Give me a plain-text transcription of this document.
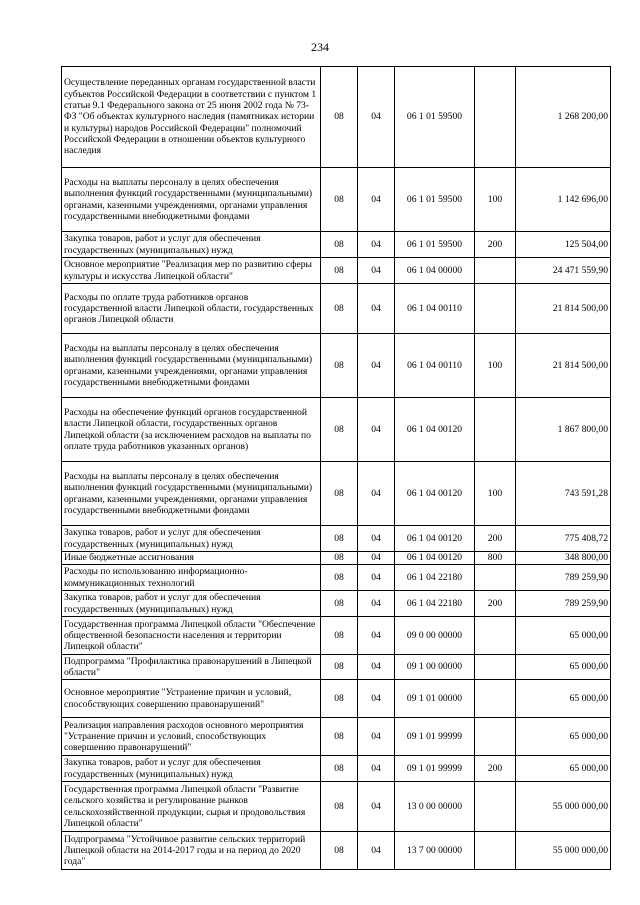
234
Осуществление переданных органам государственной власти субъектов Российской Федерации в соответствии с пунктом 1 статьи 9.1 Федерального закона от 25 июня 2002 года № 73-ФЗ "Об объектах культурного наследия (памятниках истории и культуры) народов Российской Федерации" полномочий Российской Федерации в отношении объектов культурного наследия	08	04	06 1 01 59500		1 268 200,00
Расходы на выплаты персоналу в целях обеспечения выполнения функций государственными (муниципальными) органами, казенными учреждениями, органами управления государственными внебюджетными фондами	08	04	06 1 01 59500	100	1 142 696,00
Закупка товаров, работ и услуг для обеспечения государственных (муниципальных) нужд	08	04	06 1 01 59500	200	125 504,00
Основное мероприятие "Реализация мер по развитию сферы культуры и искусства Липецкой области"	08	04	06 1 04 00000		24 471 559,90
Расходы по оплате труда работников органов государственной власти Липецкой области, государственных органов Липецкой области	08	04	06 1 04 00110		21 814 500,00
Расходы на выплаты персоналу в целях обеспечения выполнения функций государственными (муниципальными) органами, казенными учреждениями, органами управления государственными внебюджетными фондами	08	04	06 1 04 00110	100	21 814 500,00
Расходы на обеспечение функций органов государственной власти Липецкой области, государственных органов Липецкой области (за исключением расходов на выплаты по оплате труда работников указанных органов)	08	04	06 1 04 00120		1 867 800,00
Расходы на выплаты персоналу в целях обеспечения выполнения функций государственными (муниципальными) органами, казенными учреждениями, органами управления государственными внебюджетными фондами	08	04	06 1 04 00120	100	743 591,28
Закупка товаров, работ и услуг для обеспечения государственных (муниципальных) нужд	08	04	06 1 04 00120	200	775 408,72
Иные бюджетные ассигнования	08	04	06 1 04 00120	800	348 800,00
Расходы по использованию информационно-коммуникационных технологий	08	04	06 1 04 22180		789 259,90
Закупка товаров, работ и услуг для обеспечения государственных (муниципальных) нужд	08	04	06 1 04 22180	200	789 259,90
Государственная программа Липецкой области "Обеспечение общественной безопасности населения и территории Липецкой области"	08	04	09 0 00 00000		65 000,00
Подпрограмма "Профилактика правонарушений в Липецкой области"	08	04	09 1 00 00000		65 000,00
Основное мероприятие "Устранение причин и условий, способствующих совершению правонарушений"	08	04	09 1 01 00000		65 000,00
Реализация направления расходов основного мероприятия "Устранение причин и условий, способствующих совершению правонарушений"	08	04	09 1 01 99999		65 000,00
Закупка товаров, работ и услуг для обеспечения государственных (муниципальных) нужд	08	04	09 1 01 99999	200	65 000,00
Государственная программа Липецкой области "Развитие сельского хозяйства и регулирование рынков сельскохозяйственной продукции, сырья и продовольствия Липецкой области"	08	04	13 0 00 00000		55 000 000,00
Подпрограмма "Устойчивое развитие сельских территорий Липецкой области на 2014-2017 годы и на период до 2020 года"	08	04	13 7 00 00000		55 000 000,00
